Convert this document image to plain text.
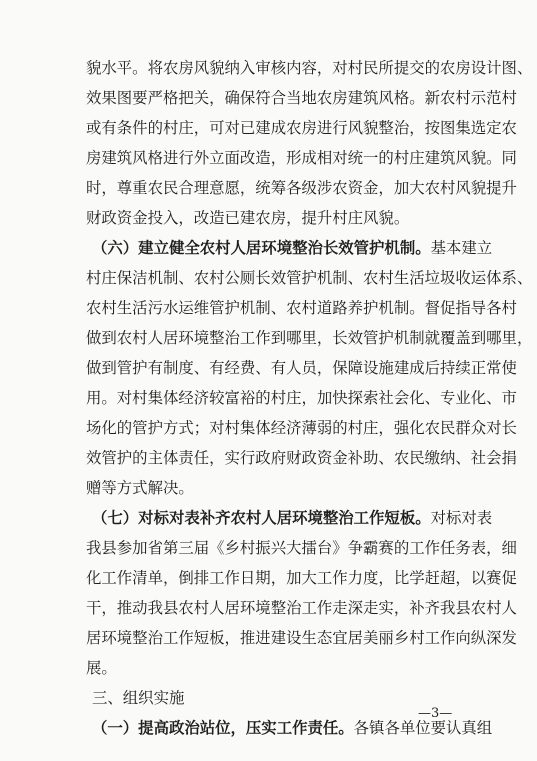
貌水平。将农房风貌纳入审核内容，对村民所提交的农房设计图、
效果图要严格把关，确保符合当地农房建筑风格。新农村示范村
或有条件的村庄，可对已建成农房进行风貌整治，按图集选定农
房建筑风格进行外立面改造，形成相对统一的村庄建筑风貌。同
时，尊重农民合理意愿，统筹各级涉农资金，加大农村风貌提升
财政资金投入，改造已建农房，提升村庄风貌。
（六）建立健全农村人居环境整治长效管护机制。基本建立
村庄保洁机制、农村公厕长效管护机制、农村生活垃圾收运体系、
农村生活污水运维管护机制、农村道路养护机制。督促指导各村
做到农村人居环境整治工作到哪里，长效管护机制就覆盖到哪里，
做到管护有制度、有经费、有人员，保障设施建成后持续正常使
用。对村集体经济较富裕的村庄，加快探索社会化、专业化、市
场化的管护方式；对村集体经济薄弱的村庄，强化农民群众对长
效管护的主体责任，实行政府财政资金补助、农民缴纳、社会捐
赠等方式解决。
（七）对标对表补齐农村人居环境整治工作短板。对标对表
我县参加省第三届《乡村振兴大擂台》争霸赛的工作任务表，细
化工作清单，倒排工作日期，加大工作力度，比学赶超，以赛促
干，推动我县农村人居环境整治工作走深走实，补齐我县农村人
居环境整治工作短板，推进建设生态宜居美丽乡村工作向纵深发
展。
三、组织实施
（一）提高政治站位，压实工作责任。各镇各单位要认真组
—3—
